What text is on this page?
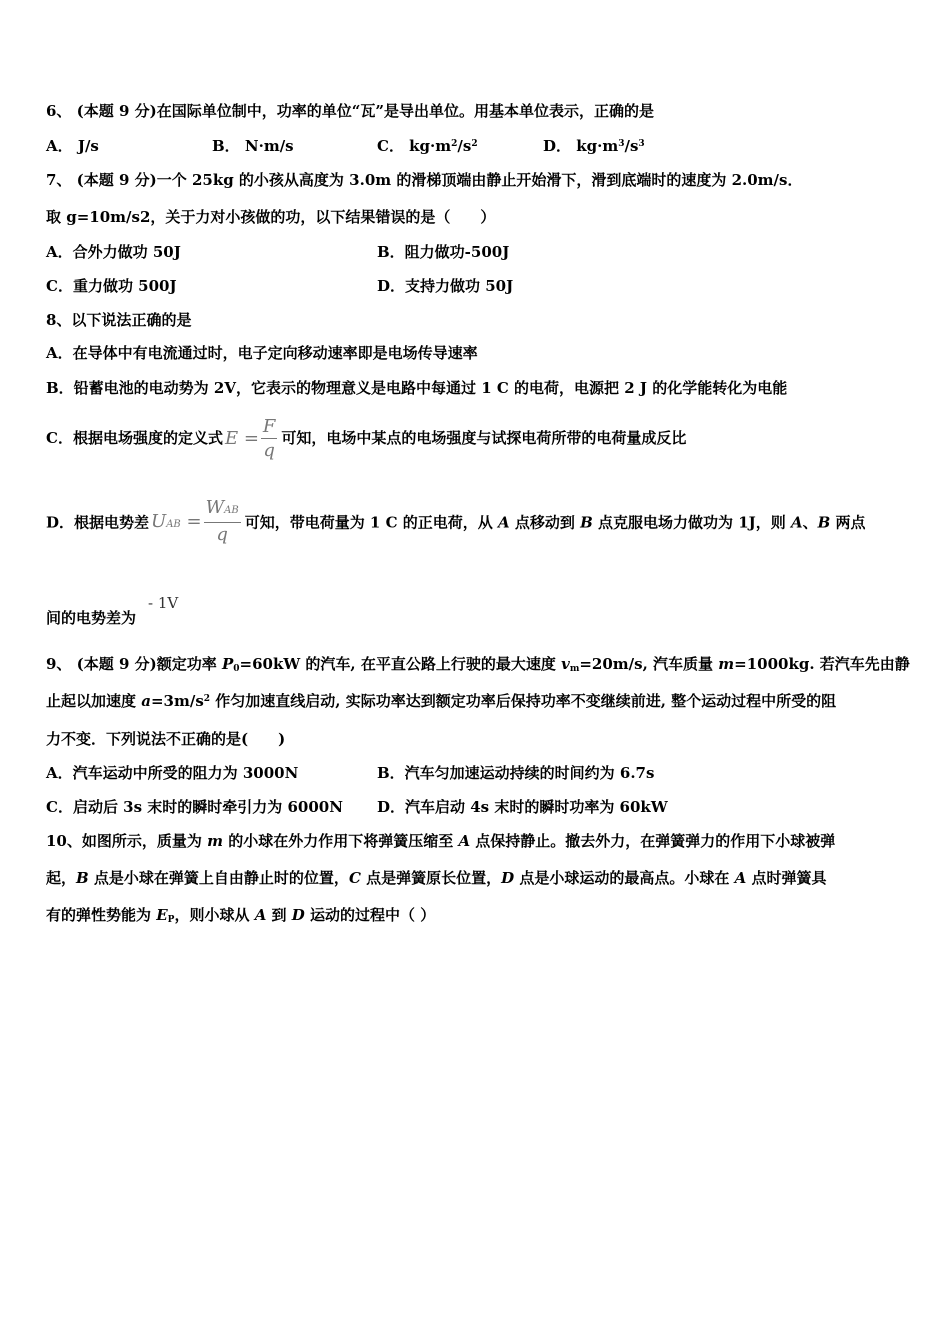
6、 (本题 9 分)在国际单位制中，功率的单位“瓦”是导出单位。用基本单位表示，正确的是
A． J/s	B． N·m/s	C． $kg\cdot m^2/s^2$	D． $kg\cdot m^3/s^3$
7、 (本题 9 分)一个 25kg 的小孩从高度为 3.0m 的滑梯顶端由静止开始滑下，滑到底端时的速度为 2.0m/s．
取 g=10m/s2，关于力对小孩做的功，以下结果错误的是（　　）
A．合外力做功 50J	B．阻力做功-500J
C．重力做功 500J	D．支持力做功 50J
8、以下说法正确的是
A．在导体中有电流通过时，电子定向移动速率即是电场传导速率
B．铅蓄电池的电动势为 2V，它表示的物理意义是电路中每通过 1 C 的电荷，电源把 2 J 的化学能转化为电能
C．根据电场强度的定义式 $E = \frac{F}{q}$ 可知，电场中某点的电场强度与试探电荷所带的电荷量成反比
D．根据电势差 UAB = $\frac{\text{WAB}}{q}$ 可知，带电荷量为 1 C 的正电荷，从 A 点移动到 B 点克服电场力做功为 1J，则 A、B 两点
间的电势差为
- 1V
9、 (本题 9 分)额定功率 $P_0=60kW$ 的汽车, 在平直公路上行驶的最大速度 $v_m=20m/s$, 汽车质量 m=1000kg. 若汽车先由静
止起以加速度 $a=3m/s^2$ 作匀加速直线启动, 实际功率达到额定功率后保持功率不变继续前进, 整个运动过程中所受的阻
力不变．下列说法不正确的是(　　)
A．汽车运动中所受的阻力为 3000N	B．汽车匀加速运动持续的时间约为 6.7s
C．启动后 3s 末时的瞬时牵引力为 6000N D．汽车启动 4s 末时的瞬时功率为 60kW
10、如图所示，质量为 m 的小球在外力作用下将弹簧压缩至 A 点保持静止。撤去外力，在弹簧弹力的作用下小球被弹
起，B 点是小球在弹簧上自由静止时的位置，C 点是弹簧原长位置，D 点是小球运动的最高点。小球在 A 点时弹簧具
有的弹性势能为 $E_P$，则小球从 A 到 D 运动的过程中（ ）
